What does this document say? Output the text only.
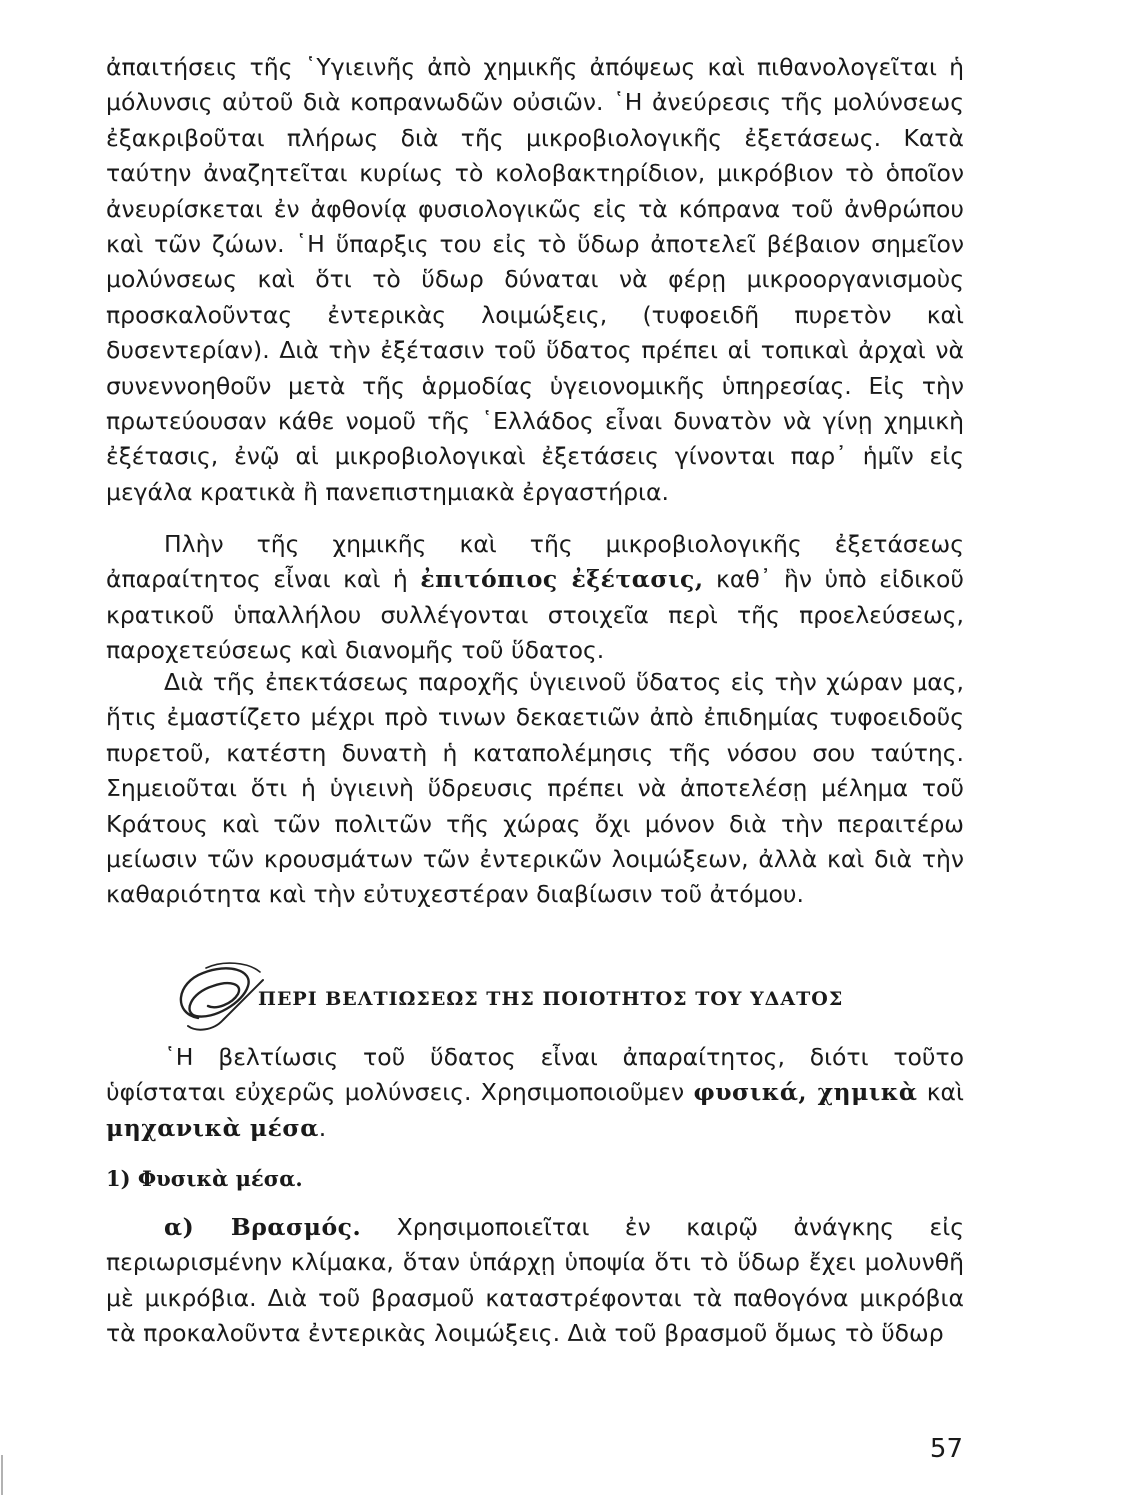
ἀπαιτήσεις τῆς ῾Υγιεινῆς ἀπὸ χημικῆς ἀπόψεως καὶ πιθανολογεῖται ἡ μόλυνσις αὐτοῦ διὰ κοπρανωδῶν οὐσιῶν. ῾Η ἀνεύρεσις τῆς μολύνσεως ἐξακριβοῦται πλήρως διὰ τῆς μικροβιολογικῆς ἐξετάσεως. Κατὰ ταύτην ἀναζητεῖται κυρίως τὸ κολοβακτηρίδιον, μικρόβιον τὸ ὁποῖον ἀνευρίσκεται ἐν ἀφθονίᾳ φυσιολογικῶς εἰς τὰ κόπρανα τοῦ ἀνθρώπου καὶ τῶν ζώων. ῾Η ὕπαρξις του εἰς τὸ ὕδωρ ἀποτελεῖ βέβαιον σημεῖον μολύνσεως καὶ ὅτι τὸ ὕδωρ δύναται νὰ φέρῃ μικροοργανισμοὺς προσκαλοῦντας ἐντερικὰς λοιμώξεις, (τυφοειδῆ πυρετὸν καὶ δυσεντερίαν). Διὰ τὴν ἐξέτασιν τοῦ ὕδατος πρέπει αἱ τοπικαὶ ἀρχαὶ νὰ συνεννοηθοῦν μετὰ τῆς ἁρμοδίας ὑγειονομικῆς ὑπηρεσίας. Εἰς τὴν πρωτεύουσαν κάθε νομοῦ τῆς ῾Ελλάδος εἶναι δυνατὸν νὰ γίνῃ χημικὴ ἐξέτασις, ἐνῷ αἱ μικροβιολογικαὶ ἐξετάσεις γίνονται παρ᾿ ἡμῖν εἰς μεγάλα κρατικὰ ἢ πανεπιστημιακὰ ἐργαστήρια.
Πλὴν τῆς χημικῆς καὶ τῆς μικροβιολογικῆς ἐξετάσεως ἀπαραίτητος εἶναι καὶ ἡ ἐπιτόπιος ἐξέτασις, καθ᾿ ἣν ὑπὸ εἰδικοῦ κρατικοῦ ὑπαλλήλου συλλέγονται στοιχεῖα περὶ τῆς προελεύσεως, παροχετεύσεως καὶ διανομῆς τοῦ ὕδατος.
Διὰ τῆς ἐπεκτάσεως παροχῆς ὑγιεινοῦ ὕδατος εἰς τὴν χώραν μας, ἥτις ἐμαστίζετο μέχρι πρὸ τινων δεκαετιῶν ἀπὸ ἐπιδημίας τυφοειδοῦς πυρετοῦ, κατέστη δυνατὴ ἡ καταπολέμησις τῆς νόσου σου ταύτης. Σημειοῦται ὅτι ἡ ὑγιεινὴ ὕδρευσις πρέπει νὰ ἀποτελέσῃ μέλημα τοῦ Κράτους καὶ τῶν πολιτῶν τῆς χώρας ὄχι μόνον διὰ τὴν περαιτέρω μείωσιν τῶν κρουσμάτων τῶν ἐντερικῶν λοιμώξεων, ἀλλὰ καὶ διὰ τὴν καθαριότητα καὶ τὴν εὐτυχεστέραν διαβίωσιν τοῦ ἀτόμου.
ΠΕΡΙ ΒΕΛΤΙΩΣΕΩΣ ΤΗΣ ΠΟΙΟΤΗΤΟΣ ΤΟΥ ΥΔΑΤΟΣ
῾Η βελτίωσις τοῦ ὕδατος εἶναι ἀπαραίτητος, διότι τοῦτο ὑφίσταται εὐχερῶς μολύνσεις. Χρησιμοποιοῦμεν φυσικά, χημικὰ καὶ μηχανικὰ μέσα.
1) Φυσικὰ μέσα.
α) Βρασμός. Χρησιμοποιεῖται ἐν καιρῷ ἀνάγκης εἰς περιωρισμένην κλίμακα, ὅταν ὑπάρχῃ ὑποψία ὅτι τὸ ὕδωρ ἔχει μολυνθῆ μὲ μικρόβια. Διὰ τοῦ βρασμοῦ καταστρέφονται τὰ παθογόνα μικρόβια τὰ προκαλοῦντα ἐντερικὰς λοιμώξεις. Διὰ τοῦ βρασμοῦ ὅμως τὸ ὕδωρ
57
